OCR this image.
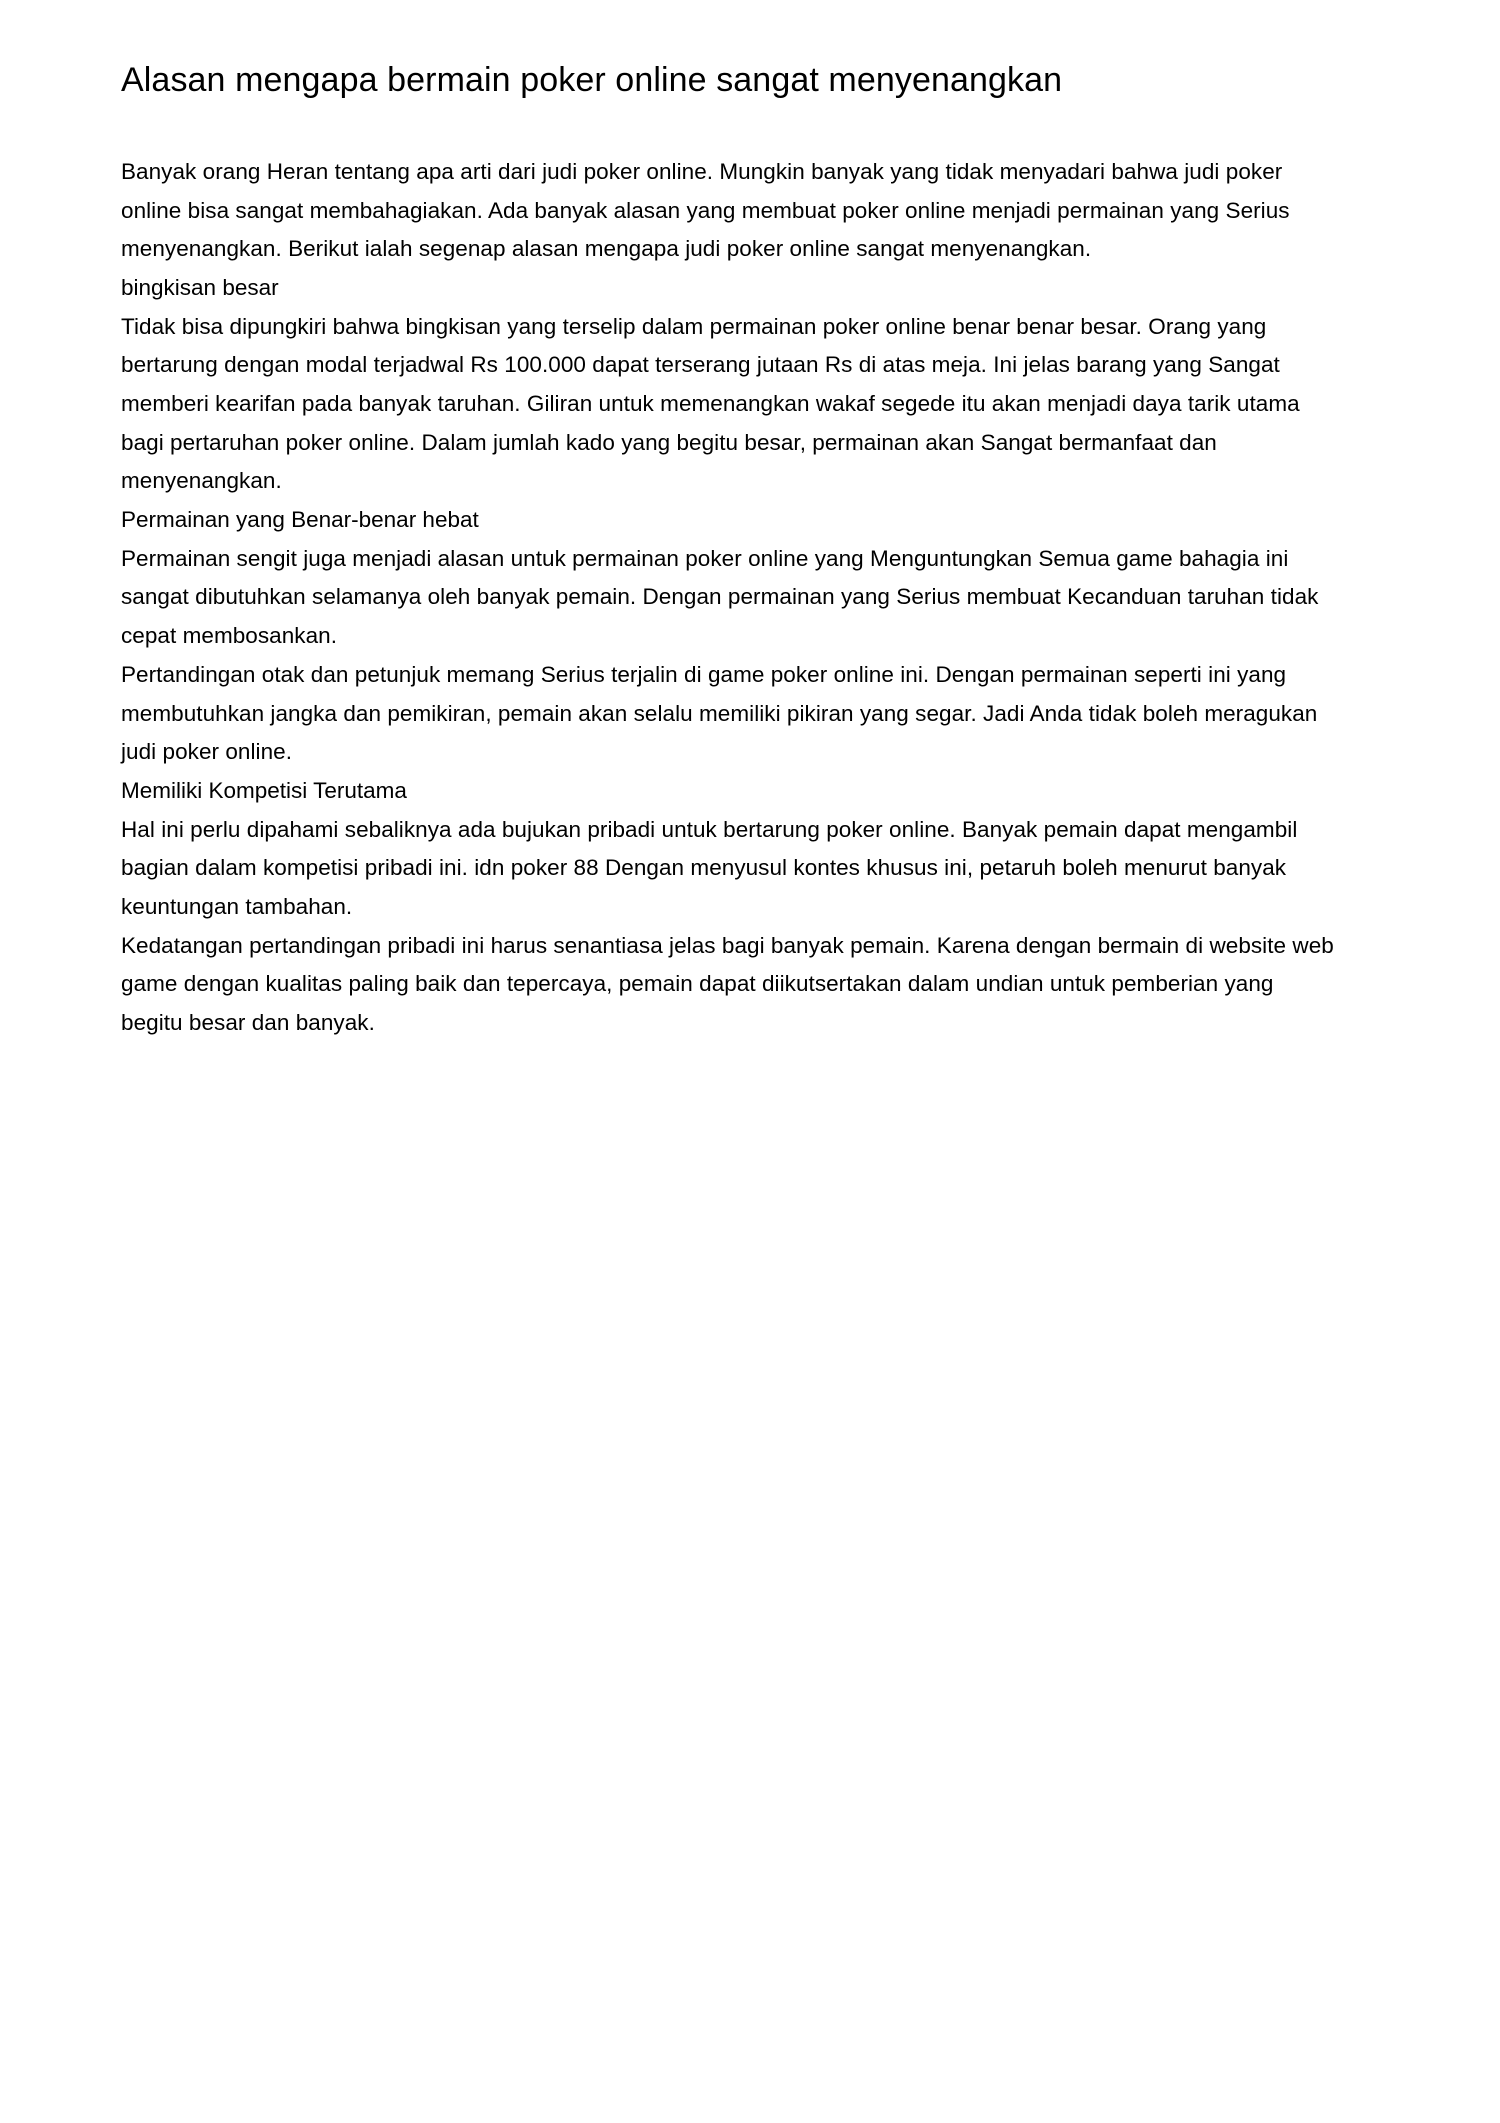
Alasan mengapa bermain poker online sangat menyenangkan

Banyak orang Heran tentang apa arti dari judi poker online. Mungkin banyak yang tidak menyadari bahwa judi poker online bisa sangat membahagiakan. Ada banyak alasan yang membuat poker online menjadi permainan yang Serius menyenangkan. Berikut ialah segenap alasan mengapa judi poker online sangat menyenangkan.

bingkisan besar

Tidak bisa dipungkiri bahwa bingkisan yang terselip dalam permainan poker online benar benar besar. Orang yang bertarung dengan modal terjadwal Rs 100.000 dapat terserang jutaan Rs di atas meja. Ini jelas barang yang Sangat memberi kearifan pada banyak taruhan. Giliran untuk memenangkan wakaf segede itu akan menjadi daya tarik utama bagi pertaruhan poker online. Dalam jumlah kado yang begitu besar, permainan akan Sangat bermanfaat dan menyenangkan.

Permainan yang Benar-benar hebat

Permainan sengit juga menjadi alasan untuk permainan poker online yang Menguntungkan Semua game bahagia ini sangat dibutuhkan selamanya oleh banyak pemain. Dengan permainan yang Serius membuat Kecanduan taruhan tidak cepat membosankan.

Pertandingan otak dan petunjuk memang Serius terjalin di game poker online ini. Dengan permainan seperti ini yang membutuhkan jangka dan pemikiran, pemain akan selalu memiliki pikiran yang segar. Jadi Anda tidak boleh meragukan judi poker online.

Memiliki Kompetisi Terutama

Hal ini perlu dipahami sebaliknya ada bujukan pribadi untuk bertarung poker online. Banyak pemain dapat mengambil bagian dalam kompetisi pribadi ini. idn poker 88 Dengan menyusul kontes khusus ini, petaruh boleh menurut banyak keuntungan tambahan.

Kedatangan pertandingan pribadi ini harus senantiasa jelas bagi banyak pemain. Karena dengan bermain di website web game dengan kualitas paling baik dan tepercaya, pemain dapat diikutsertakan dalam undian untuk pemberian yang begitu besar dan banyak.
